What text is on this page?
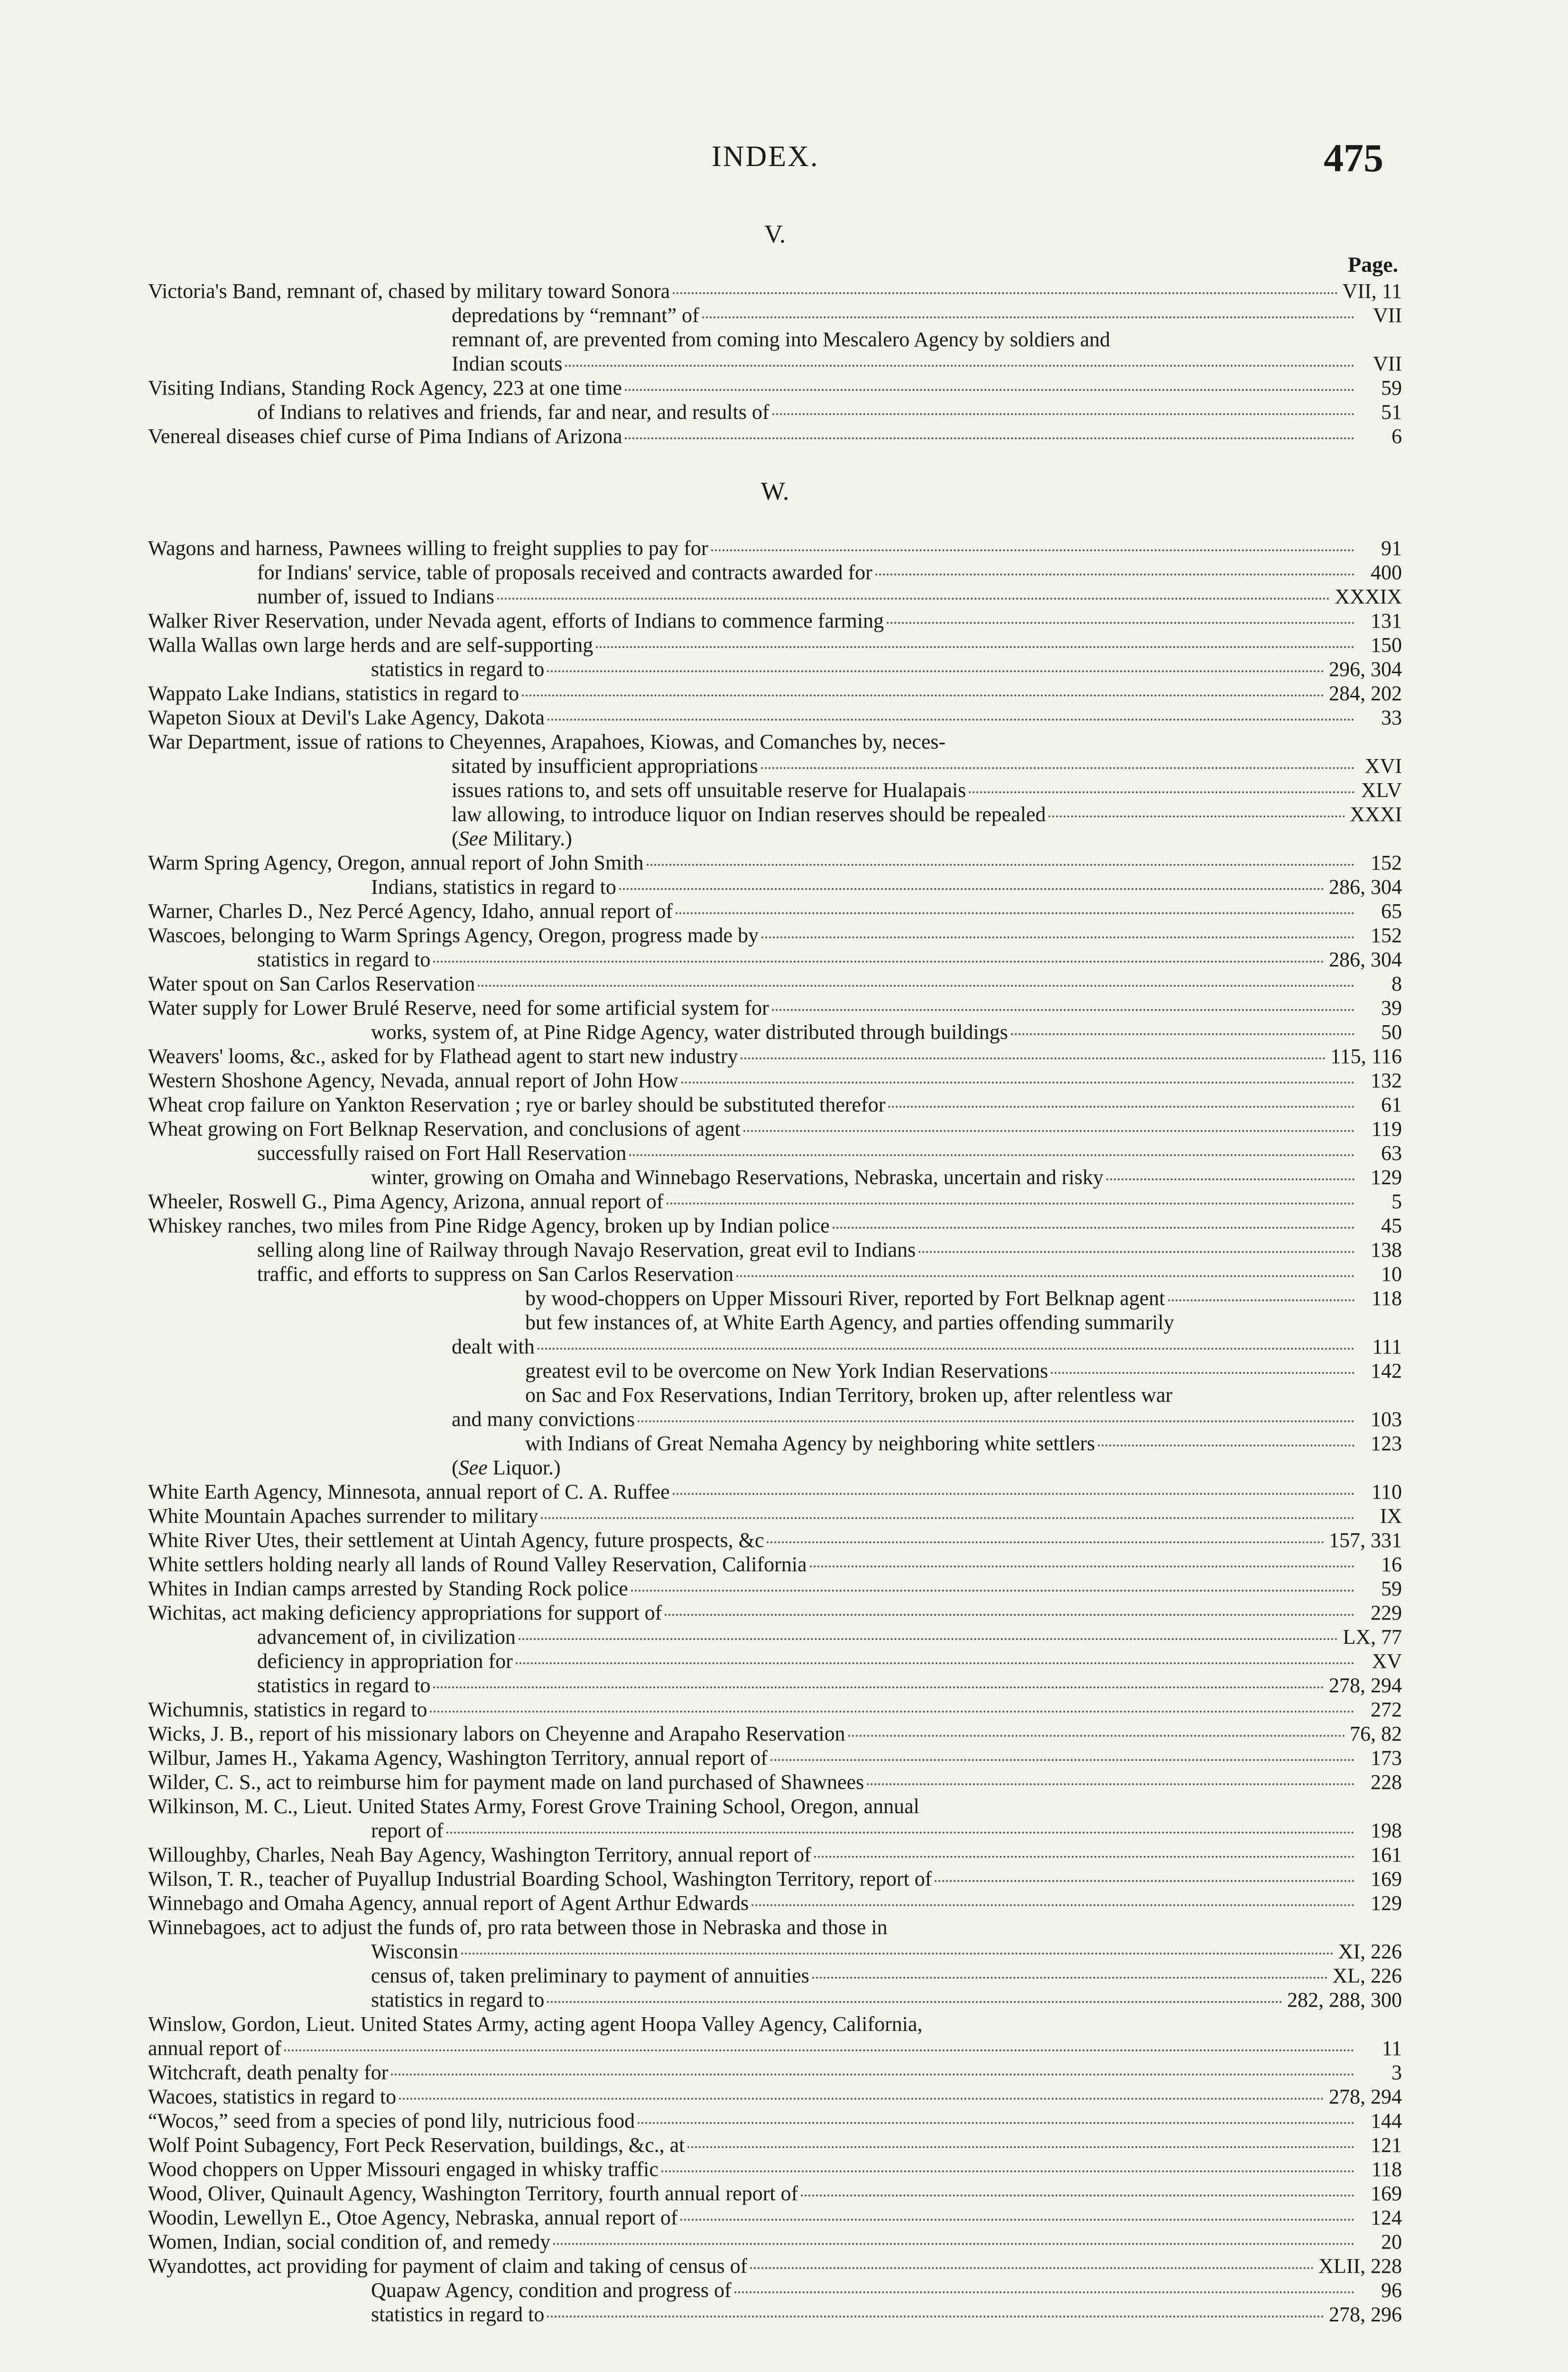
INDEX.	475
V.
Page.
Victoria's Band, remnant of, chased by military toward Sonora	VII, 11
depredations by “remnant” of	VII
remnant of, are prevented from coming into Mescalero Agency by soldiers and
Indian scouts	VII
Visiting Indians, Standing Rock Agency, 223 at one time	59
of Indians to relatives and friends, far and near, and results of	51
Venereal diseases chief curse of Pima Indians of Arizona	6
W.
Wagons and harness, Pawnees willing to freight supplies to pay for	91
for Indians' service, table of proposals received and contracts awarded for	400
number of, issued to Indians	XXXIX
Walker River Reservation, under Nevada agent, efforts of Indians to commence farming	131
Walla Wallas own large herds and are self-supporting	150
statistics in regard to	296, 304
Wappato Lake Indians, statistics in regard to	284, 202
Wapeton Sioux at Devil's Lake Agency, Dakota	33
War Department, issue of rations to Cheyennes, Arapahoes, Kiowas, and Comanches by, neces-
sitated by insufficient appropriations	XVI
issues rations to, and sets off unsuitable reserve for Hualapais	XLV
law allowing, to introduce liquor on Indian reserves should be repealed	XXXI
(See Military.)
Warm Spring Agency, Oregon, annual report of John Smith	152
Indians, statistics in regard to	286, 304
Warner, Charles D., Nez Percé Agency, Idaho, annual report of	65
Wascoes, belonging to Warm Springs Agency, Oregon, progress made by	152
statistics in regard to	286, 304
Water spout on San Carlos Reservation	8
Water supply for Lower Brulé Reserve, need for some artificial system for	39
works, system of, at Pine Ridge Agency, water distributed through buildings	50
Weavers' looms, &c., asked for by Flathead agent to start new industry	115, 116
Western Shoshone Agency, Nevada, annual report of John How	132
Wheat crop failure on Yankton Reservation ; rye or barley should be substituted therefor	61
Wheat growing on Fort Belknap Reservation, and conclusions of agent	119
successfully raised on Fort Hall Reservation	63
winter, growing on Omaha and Winnebago Reservations, Nebraska, uncertain and risky	129
Wheeler, Roswell G., Pima Agency, Arizona, annual report of	5
Whiskey ranches, two miles from Pine Ridge Agency, broken up by Indian police	45
selling along line of Railway through Navajo Reservation, great evil to Indians	138
traffic, and efforts to suppress on San Carlos Reservation	10
by wood-choppers on Upper Missouri River, reported by Fort Belknap agent	118
but few instances of, at White Earth Agency, and parties offending summarily
dealt with	111
greatest evil to be overcome on New York Indian Reservations	142
on Sac and Fox Reservations, Indian Territory, broken up, after relentless war
and many convictions	103
with Indians of Great Nemaha Agency by neighboring white settlers	123
(See Liquor.)
White Earth Agency, Minnesota, annual report of C. A. Ruffee	110
White Mountain Apaches surrender to military	IX
White River Utes, their settlement at Uintah Agency, future prospects, &c	157, 331
White settlers holding nearly all lands of Round Valley Reservation, California	16
Whites in Indian camps arrested by Standing Rock police	59
Wichitas, act making deficiency appropriations for support of	229
advancement of, in civilization	LX, 77
deficiency in appropriation for	XV
statistics in regard to	278, 294
Wichumnis, statistics in regard to	272
Wicks, J. B., report of his missionary labors on Cheyenne and Arapaho Reservation	76, 82
Wilbur, James H., Yakama Agency, Washington Territory, annual report of	173
Wilder, C. S., act to reimburse him for payment made on land purchased of Shawnees	228
Wilkinson, M. C., Lieut. United States Army, Forest Grove Training School, Oregon, annual
report of	198
Willoughby, Charles, Neah Bay Agency, Washington Territory, annual report of	161
Wilson, T. R., teacher of Puyallup Industrial Boarding School, Washington Territory, report of	169
Winnebago and Omaha Agency, annual report of Agent Arthur Edwards	129
Winnebagoes, act to adjust the funds of, pro rata between those in Nebraska and those in
Wisconsin	XI, 226
census of, taken preliminary to payment of annuities	XL, 226
statistics in regard to	282, 288, 300
Winslow, Gordon, Lieut. United States Army, acting agent Hoopa Valley Agency, California,
annual report of	11
Witchcraft, death penalty for	3
Wacoes, statistics in regard to	278, 294
“Wocos,” seed from a species of pond lily, nutricious food	144
Wolf Point Subagency, Fort Peck Reservation, buildings, &c., at	121
Wood choppers on Upper Missouri engaged in whisky traffic	118
Wood, Oliver, Quinault Agency, Washington Territory, fourth annual report of	169
Woodin, Lewellyn E., Otoe Agency, Nebraska, annual report of	124
Women, Indian, social condition of, and remedy	20
Wyandottes, act providing for payment of claim and taking of census of	XLII, 228
Quapaw Agency, condition and progress of	96
statistics in regard to	278, 296
